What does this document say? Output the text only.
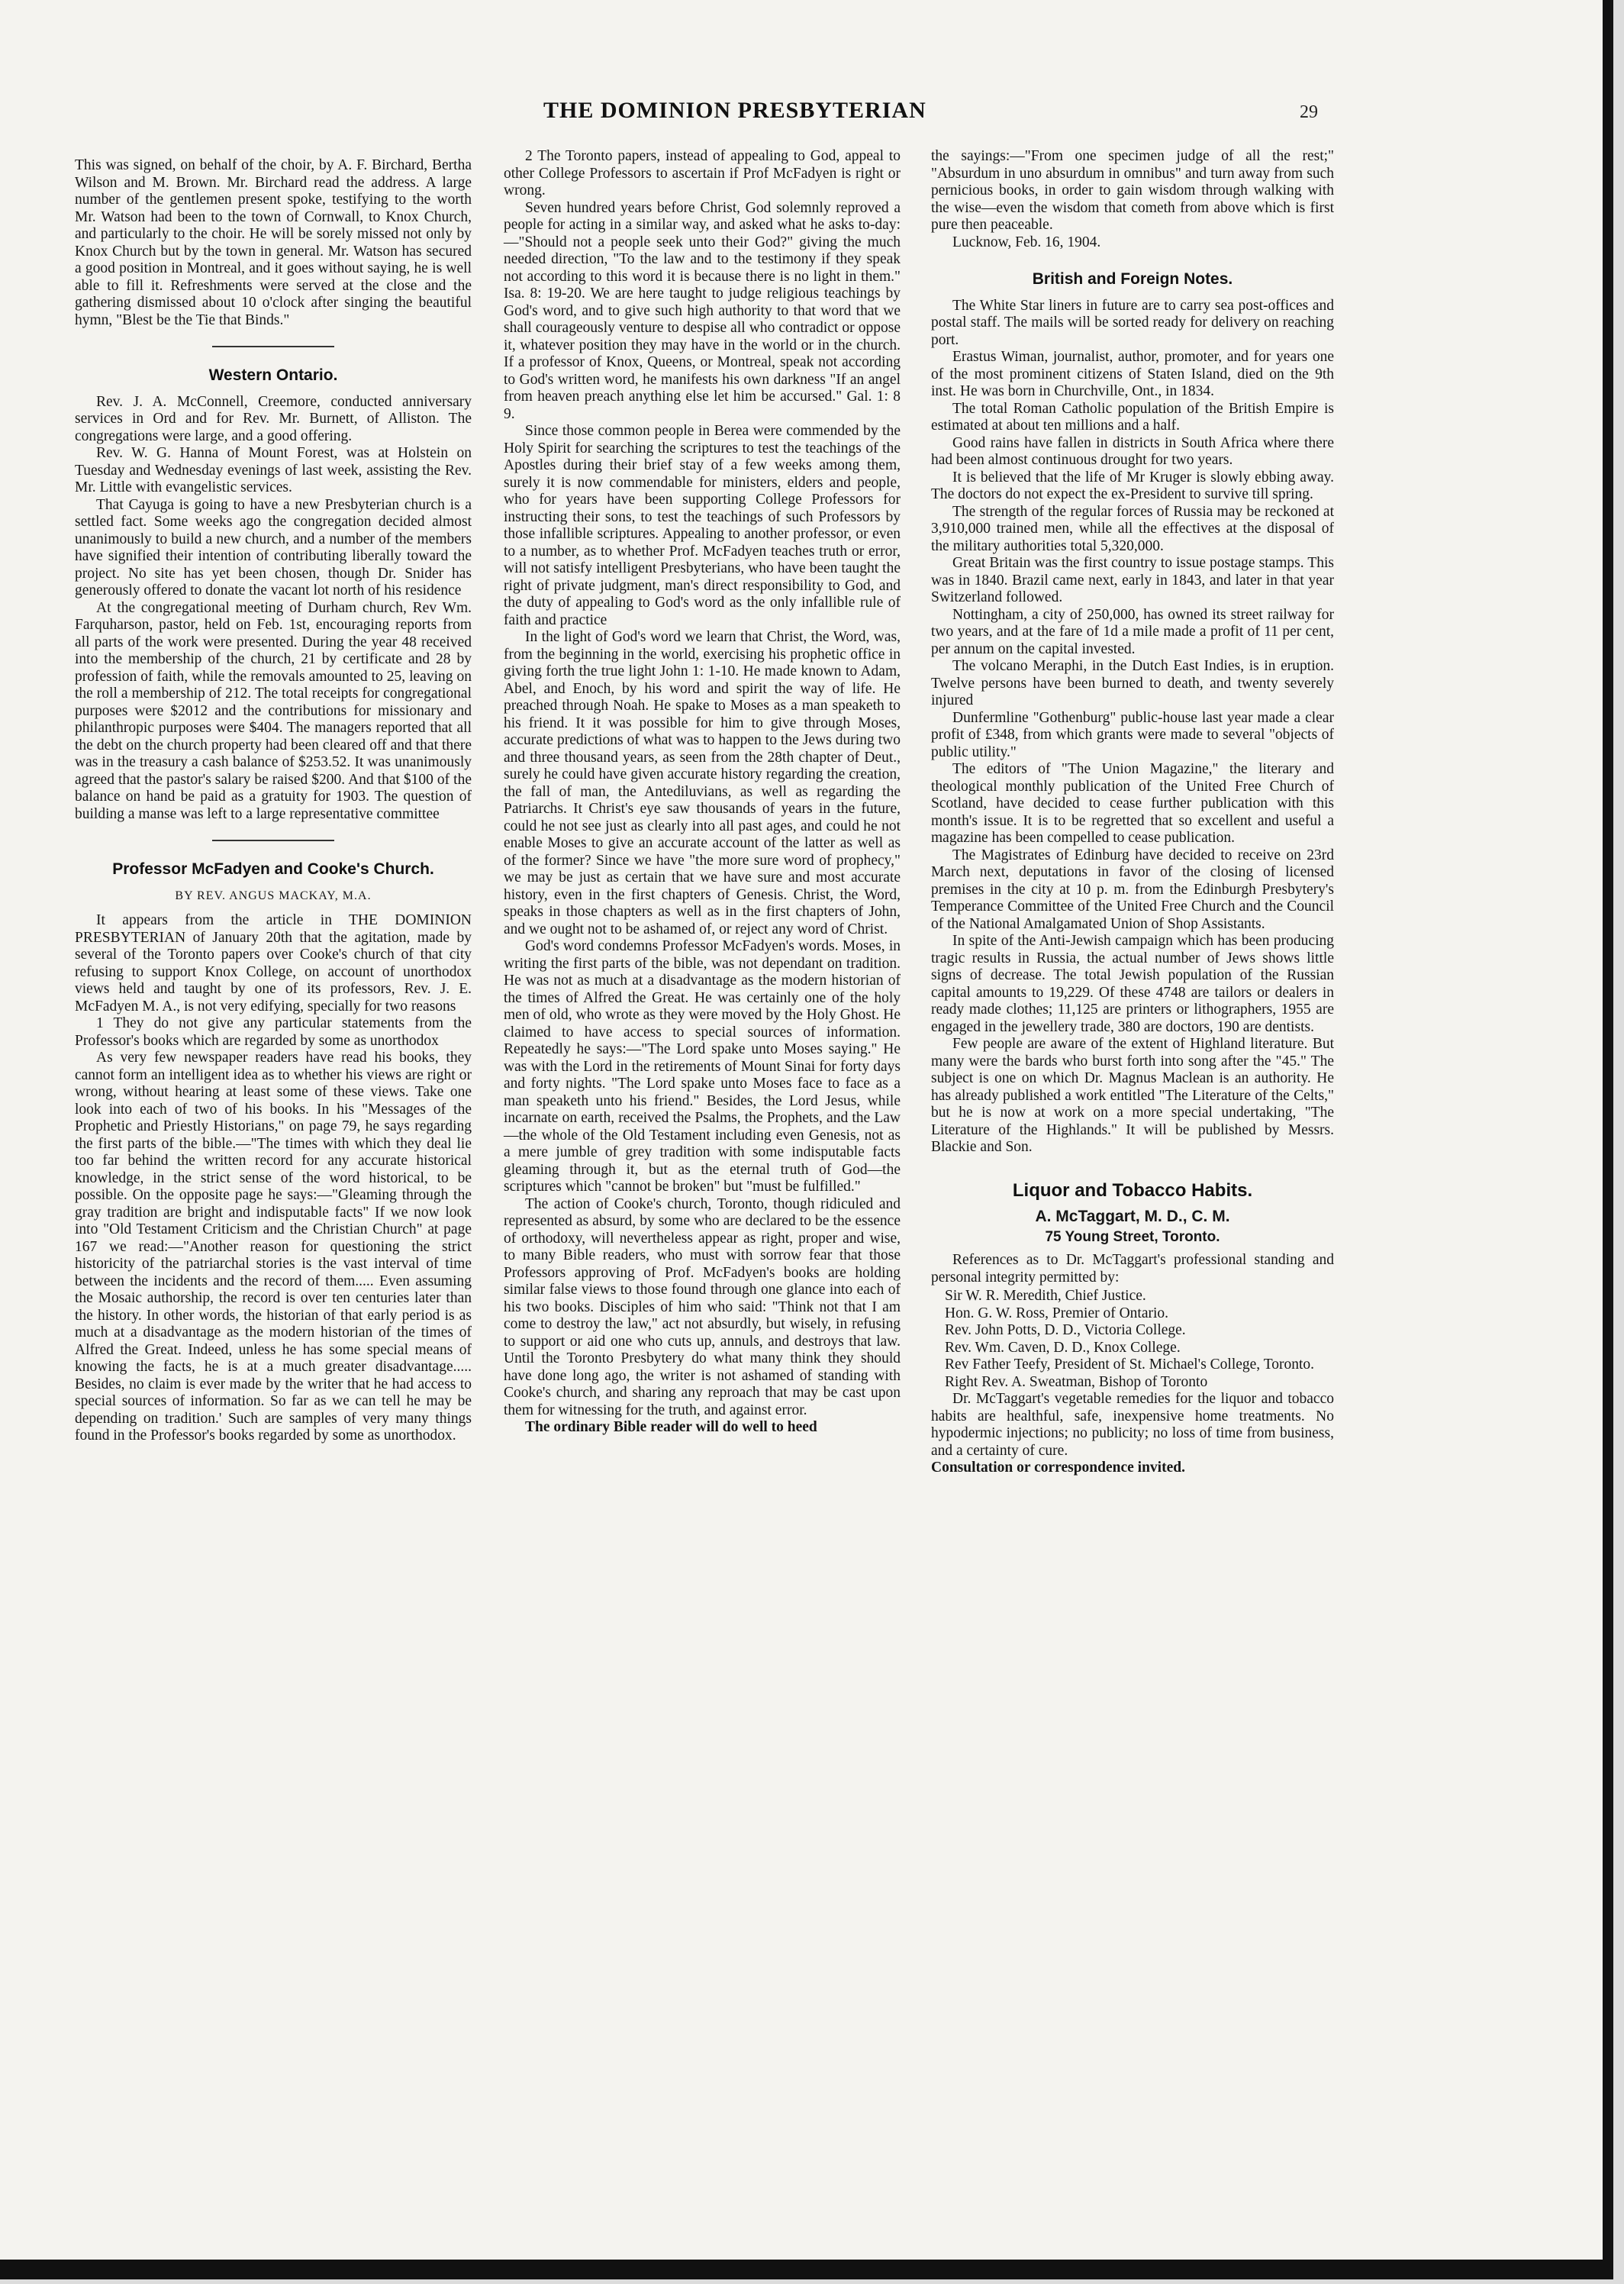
THE DOMINION PRESBYTERIAN	29

This was signed, on behalf of the choir, by A. F. Birchard, Bertha Wilson and M. Brown. Mr. Birchard read the address. A large number of the gentlemen present spoke, testifying to the worth Mr. Watson had been to the town of Cornwall, to Knox Church, and particularly to the choir. He will be sorely missed not only by Knox Church but by the town in general. Mr. Watson has secured a good position in Montreal, and it goes without saying, he is well able to fill it. Refreshments were served at the close and the gathering dismissed about 10 o'clock after singing the beautiful hymn, "Blest be the Tie that Binds."

Western Ontario.

Rev. J. A. McConnell, Creemore, conducted anniversary services in Ord and for Rev. Mr. Burnett, of Alliston. The congregations were large, and a good offering.

Rev. W. G. Hanna of Mount Forest, was at Holstein on Tuesday and Wednesday evenings of last week, assisting the Rev. Mr. Little with evangelistic services.

That Cayuga is going to have a new Presbyterian church is a settled fact. Some weeks ago the congregation decided almost unanimously to build a new church, and a number of the members have signified their intention of contributing liberally toward the project. No site has yet been chosen, though Dr. Snider has generously offered to donate the vacant lot north of his residence

At the congregational meeting of Durham church, Rev Wm. Farquharson, pastor, held on Feb. 1st, encouraging reports from all parts of the work were presented. During the year 48 received into the membership of the church, 21 by certificate and 28 by profession of faith, while the removals amounted to 25, leaving on the roll a membership of 212. The total receipts for congregational purposes were $2012 and the contributions for missionary and philanthropic purposes were $404. The managers reported that all the debt on the church property had been cleared off and that there was in the treasury a cash balance of $253.52. It was unanimously agreed that the pastor's salary be raised $200. And that $100 of the balance on hand be paid as a gratuity for 1903. The question of building a manse was left to a large representative committee

Professor McFadyen and Cooke's Church.
BY REV. ANGUS MACKAY, M.A.

It appears from the article in THE DOMINION PRESBYTERIAN of January 20th that the agitation, made by several of the Toronto papers over Cooke's church of that city refusing to support Knox College, on account of unorthodox views held and taught by one of its professors, Rev. J. E. McFadyen M. A., is not very edifying, specially for two reasons

1 They do not give any particular statements from the Professor's books which are regarded by some as unorthodox

As very few newspaper readers have read his books, they cannot form an intelligent idea as to whether his views are right or wrong, without hearing at least some of these views. Take one look into each of two of his books. In his "Messages of the Prophetic and Priestly Historians," on page 79, he says regarding the first parts of the bible.—"The times with which they deal lie too far behind the written record for any accurate historical knowledge, in the strict sense of the word historical, to be possible. On the opposite page he says:—"Gleaming through the gray tradition are bright and indisputable facts" If we now look into "Old Testament Criticism and the Christian Church" at page 167 we read:—"Another reason for questioning the strict historicity of the patriarchal stories is the vast interval of time between the incidents and the record of them..... Even assuming the Mosaic authorship, the record is over ten centuries later than the history. In other words, the historian of that early period is as much at a disadvantage as the modern historian of the times of Alfred the Great. Indeed, unless he has some special means of knowing the facts, he is at a much greater disadvantage..... Besides, no claim is ever made by the writer that he had access to special sources of information. So far as we can tell he may be depending on tradition.' Such are samples of very many things found in the Professor's books regarded by some as unorthodox.

2 The Toronto papers, instead of appealing to God, appeal to other College Professors to ascertain if Prof McFadyen is right or wrong.

Seven hundred years before Christ, God solemnly reproved a people for acting in a similar way, and asked what he asks to-day:—"Should not a people seek unto their God?" giving the much needed direction, "To the law and to the testimony if they speak not according to this word it is because there is no light in them." Isa. 8: 19-20. We are here taught to judge religious teachings by God's word, and to give such high authority to that word that we shall courageously venture to despise all who contradict or oppose it, whatever position they may have in the world or in the church. If a professor of Knox, Queens, or Montreal, speak not according to God's written word, he manifests his own darkness "If an angel from heaven preach anything else let him be accursed." Gal. 1: 8 9.

Since those common people in Berea were commended by the Holy Spirit for searching the scriptures to test the teachings of the Apostles during their brief stay of a few weeks among them, surely it is now commendable for ministers, elders and people, who for years have been supporting College Professors for instructing their sons, to test the teachings of such Professors by those infallible scriptures. Appealing to another professor, or even to a number, as to whether Prof. McFadyen teaches truth or error, will not satisfy intelligent Presbyterians, who have been taught the right of private judgment, man's direct responsibility to God, and the duty of appealing to God's word as the only infallible rule of faith and practice

In the light of God's word we learn that Christ, the Word, was, from the beginning in the world, exercising his prophetic office in giving forth the true light John 1: 1-10. He made known to Adam, Abel, and Enoch, by his word and spirit the way of life. He preached through Noah. He spake to Moses as a man speaketh to his friend. It it was possible for him to give through Moses, accurate predictions of what was to happen to the Jews during two and three thousand years, as seen from the 28th chapter of Deut., surely he could have given accurate history regarding the creation, the fall of man, the Antediluvians, as well as regarding the Patriarchs. It Christ's eye saw thousands of years in the future, could he not see just as clearly into all past ages, and could he not enable Moses to give an accurate account of the latter as well as of the former? Since we have "the more sure word of prophecy," we may be just as certain that we have sure and most accurate history, even in the first chapters of Genesis. Christ, the Word, speaks in those chapters as well as in the first chapters of John, and we ought not to be ashamed of, or reject any word of Christ.

God's word condemns Professor McFadyen's words. Moses, in writing the first parts of the bible, was not dependant on tradition. He was not as much at a disadvantage as the modern historian of the times of Alfred the Great. He was certainly one of the holy men of old, who wrote as they were moved by the Holy Ghost. He claimed to have access to special sources of information. Repeatedly he says:—"The Lord spake unto Moses saying." He was with the Lord in the retirements of Mount Sinai for forty days and forty nights. "The Lord spake unto Moses face to face as a man speaketh unto his friend." Besides, the Lord Jesus, while incarnate on earth, received the Psalms, the Prophets, and the Law—the whole of the Old Testament including even Genesis, not as a mere jumble of grey tradition with some indisputable facts gleaming through it, but as the eternal truth of God—the scriptures which "cannot be broken" but "must be fulfilled."

The action of Cooke's church, Toronto, though ridiculed and represented as absurd, by some who are declared to be the essence of orthodoxy, will nevertheless appear as right, proper and wise, to many Bible readers, who must with sorrow fear that those Professors approving of Prof. McFadyen's books are holding similar false views to those found through one glance into each of his two books. Disciples of him who said: "Think not that I am come to destroy the law," act not absurdly, but wisely, in refusing to support or aid one who cuts up, annuls, and destroys that law. Until the Toronto Presbytery do what many think they should have done long ago, the writer is not ashamed of standing with Cooke's church, and sharing any reproach that may be cast upon them for witnessing for the truth, and against error.

The ordinary Bible reader will do well to heed

the sayings:—"From one specimen judge of all the rest;" "Absurdum in uno absurdum in omnibus" and turn away from such pernicious books, in order to gain wisdom through walking with the wise—even the wisdom that cometh from above which is first pure then peaceable.

Lucknow, Feb. 16, 1904.

British and Foreign Notes.

The White Star liners in future are to carry sea post-offices and postal staff. The mails will be sorted ready for delivery on reaching port.

Erastus Wiman, journalist, author, promoter, and for years one of the most prominent citizens of Staten Island, died on the 9th inst. He was born in Churchville, Ont., in 1834.

The total Roman Catholic population of the British Empire is estimated at about ten millions and a half.

Good rains have fallen in districts in South Africa where there had been almost continuous drought for two years.

It is believed that the life of Mr Kruger is slowly ebbing away. The doctors do not expect the ex-President to survive till spring.

The strength of the regular forces of Russia may be reckoned at 3,910,000 trained men, while all the effectives at the disposal of the military authorities total 5,320,000.

Great Britain was the first country to issue postage stamps. This was in 1840. Brazil came next, early in 1843, and later in that year Switzerland followed.

Nottingham, a city of 250,000, has owned its street railway for two years, and at the fare of 1d a mile made a profit of 11 per cent, per annum on the capital invested.

The volcano Meraphi, in the Dutch East Indies, is in eruption. Twelve persons have been burned to death, and twenty severely injured

Dunfermline "Gothenburg" public-house last year made a clear profit of £348, from which grants were made to several "objects of public utility."

The editors of "The Union Magazine," the literary and theological monthly publication of the United Free Church of Scotland, have decided to cease further publication with this month's issue. It is to be regretted that so excellent and useful a magazine has been compelled to cease publication.

The Magistrates of Edinburg have decided to receive on 23rd March next, deputations in favor of the closing of licensed premises in the city at 10 p. m. from the Edinburgh Presbytery's Temperance Committee of the United Free Church and the Council of the National Amalgamated Union of Shop Assistants.

In spite of the Anti-Jewish campaign which has been producing tragic results in Russia, the actual number of Jews shows little signs of decrease. The total Jewish population of the Russian capital amounts to 19,229. Of these 4748 are tailors or dealers in ready made clothes; 11,125 are printers or lithographers, 1955 are engaged in the jewellery trade, 380 are doctors, 190 are dentists.

Few people are aware of the extent of Highland literature. But many were the bards who burst forth into song after the "45." The subject is one on which Dr. Magnus Maclean is an authority. He has already published a work entitled "The Literature of the Celts," but he is now at work on a more special undertaking, "The Literature of the Highlands." It will be published by Messrs. Blackie and Son.

Liquor and Tobacco Habits.
A. McTaggart, M. D., C. M.
75 Young Street, Toronto.

References as to Dr. McTaggart's professional standing and personal integrity permitted by:

Sir W. R. Meredith, Chief Justice.
Hon. G. W. Ross, Premier of Ontario.
Rev. John Potts, D. D., Victoria College.
Rev. Wm. Caven, D. D., Knox College.
Rev Father Teefy, President of St. Michael's College, Toronto.
Right Rev. A. Sweatman, Bishop of Toronto

Dr. McTaggart's vegetable remedies for the liquor and tobacco habits are healthful, safe, inexpensive home treatments. No hypodermic injections; no publicity; no loss of time from business, and a certainty of cure.

Consultation or correspondence invited.
